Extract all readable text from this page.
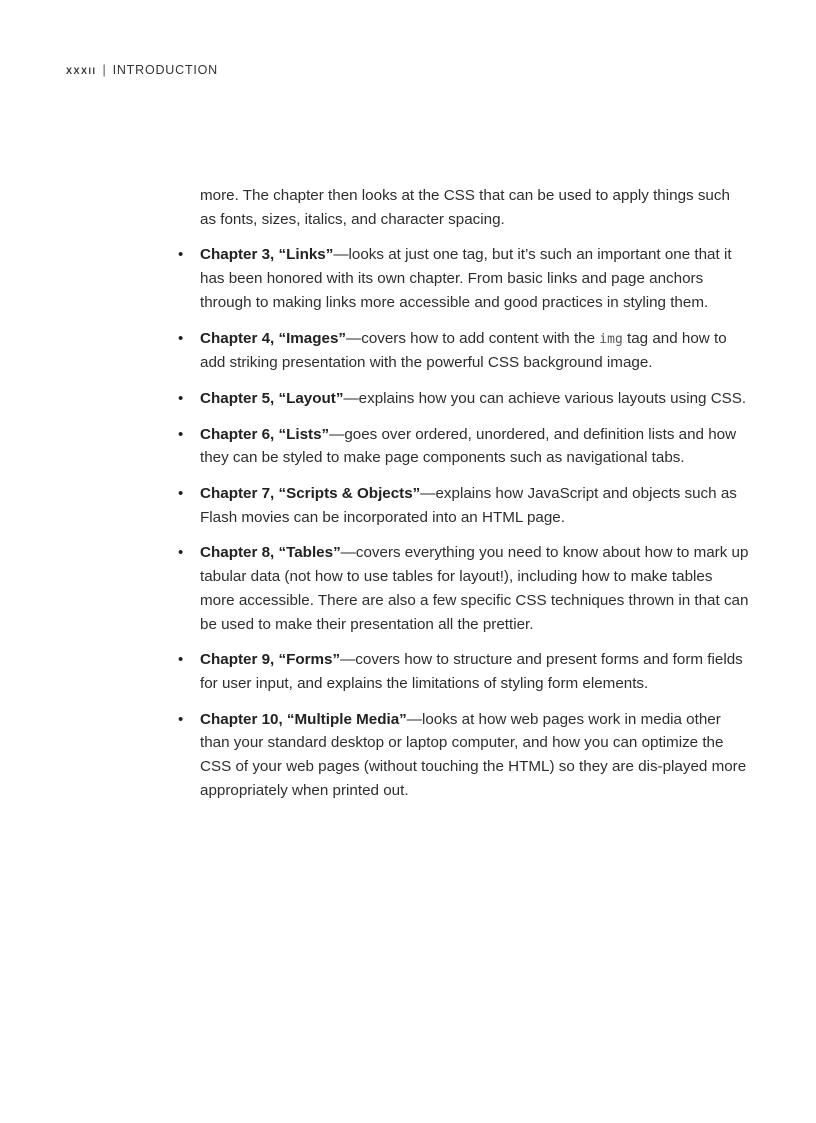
xxxii | INTRODUCTION

more. The chapter then looks at the CSS that can be used to apply things such as fonts, sizes, italics, and character spacing.

• Chapter 3, “Links”—looks at just one tag, but it’s such an important one that it has been honored with its own chapter. From basic links and page anchors through to making links more accessible and good practices in styling them.
• Chapter 4, “Images”—covers how to add content with the img tag and how to add striking presentation with the powerful CSS background image.
• Chapter 5, “Layout”—explains how you can achieve various layouts using CSS.
• Chapter 6, “Lists”—goes over ordered, unordered, and definition lists and how they can be styled to make page components such as navigational tabs.
• Chapter 7, “Scripts & Objects”—explains how JavaScript and objects such as Flash movies can be incorporated into an HTML page.
• Chapter 8, “Tables”—covers everything you need to know about how to mark up tabular data (not how to use tables for layout!), including how to make tables more accessible. There are also a few specific CSS techniques thrown in that can be used to make their presentation all the prettier.
• Chapter 9, “Forms”—covers how to structure and present forms and form fields for user input, and explains the limitations of styling form elements.
• Chapter 10, “Multiple Media”—looks at how web pages work in media other than your standard desktop or laptop computer, and how you can optimize the CSS of your web pages (without touching the HTML) so they are dis-played more appropriately when printed out.
